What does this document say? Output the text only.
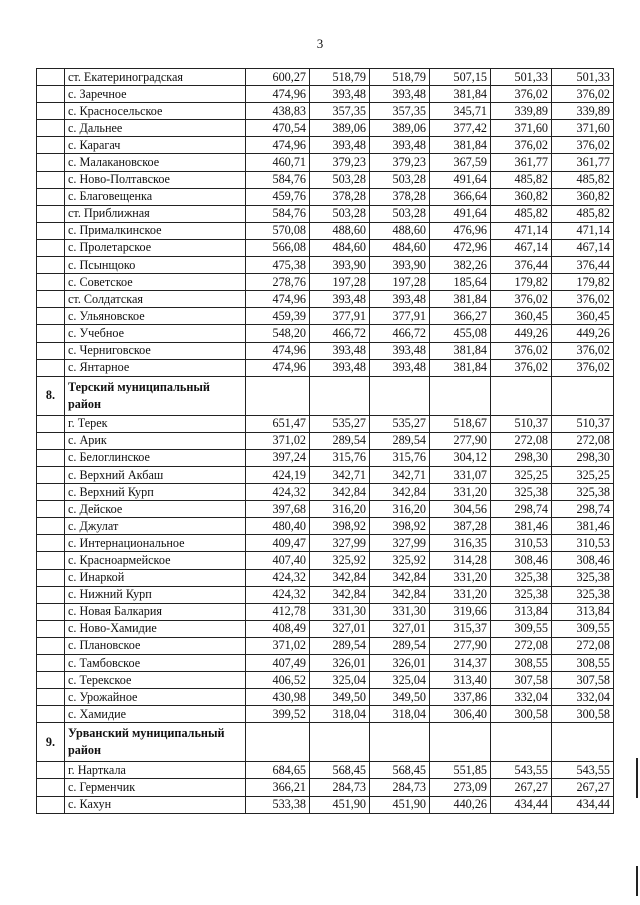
3
	ст. Екатериноградская	600,27	518,79	518,79	507,15	501,33	501,33
	с. Заречное	474,96	393,48	393,48	381,84	376,02	376,02
	с. Красносельское	438,83	357,35	357,35	345,71	339,89	339,89
	с. Дальнее	470,54	389,06	389,06	377,42	371,60	371,60
	с. Карагач	474,96	393,48	393,48	381,84	376,02	376,02
	с. Малакановское	460,71	379,23	379,23	367,59	361,77	361,77
	с. Ново-Полтавское	584,76	503,28	503,28	491,64	485,82	485,82
	с. Благовещенка	459,76	378,28	378,28	366,64	360,82	360,82
	ст. Приближная	584,76	503,28	503,28	491,64	485,82	485,82
	с. Прималкинское	570,08	488,60	488,60	476,96	471,14	471,14
	с. Пролетарское	566,08	484,60	484,60	472,96	467,14	467,14
	с. Псынщоко	475,38	393,90	393,90	382,26	376,44	376,44
	с. Советское	278,76	197,28	197,28	185,64	179,82	179,82
	ст. Солдатская	474,96	393,48	393,48	381,84	376,02	376,02
	с. Ульяновское	459,39	377,91	377,91	366,27	360,45	360,45
	с. Учебное	548,20	466,72	466,72	455,08	449,26	449,26
	с. Черниговское	474,96	393,48	393,48	381,84	376,02	376,02
	с. Янтарное	474,96	393,48	393,48	381,84	376,02	376,02
8.	Терский муниципальный район						
	г. Терек	651,47	535,27	535,27	518,67	510,37	510,37
	с. Арик	371,02	289,54	289,54	277,90	272,08	272,08
	с. Белоглинское	397,24	315,76	315,76	304,12	298,30	298,30
	с. Верхний Акбаш	424,19	342,71	342,71	331,07	325,25	325,25
	с. Верхний Курп	424,32	342,84	342,84	331,20	325,38	325,38
	с. Дейское	397,68	316,20	316,20	304,56	298,74	298,74
	с. Джулат	480,40	398,92	398,92	387,28	381,46	381,46
	с. Интернациональное	409,47	327,99	327,99	316,35	310,53	310,53
	с. Красноармейское	407,40	325,92	325,92	314,28	308,46	308,46
	с. Инаркой	424,32	342,84	342,84	331,20	325,38	325,38
	с. Нижний Курп	424,32	342,84	342,84	331,20	325,38	325,38
	с. Новая Балкария	412,78	331,30	331,30	319,66	313,84	313,84
	с. Ново-Хамидие	408,49	327,01	327,01	315,37	309,55	309,55
	с. Плановское	371,02	289,54	289,54	277,90	272,08	272,08
	с. Тамбовское	407,49	326,01	326,01	314,37	308,55	308,55
	с. Терекское	406,52	325,04	325,04	313,40	307,58	307,58
	с. Урожайное	430,98	349,50	349,50	337,86	332,04	332,04
	с. Хамидие	399,52	318,04	318,04	306,40	300,58	300,58
9.	Урванский муниципальный район						
	г. Нарткала	684,65	568,45	568,45	551,85	543,55	543,55
	с. Герменчик	366,21	284,73	284,73	273,09	267,27	267,27
	с. Кахун	533,38	451,90	451,90	440,26	434,44	434,44
